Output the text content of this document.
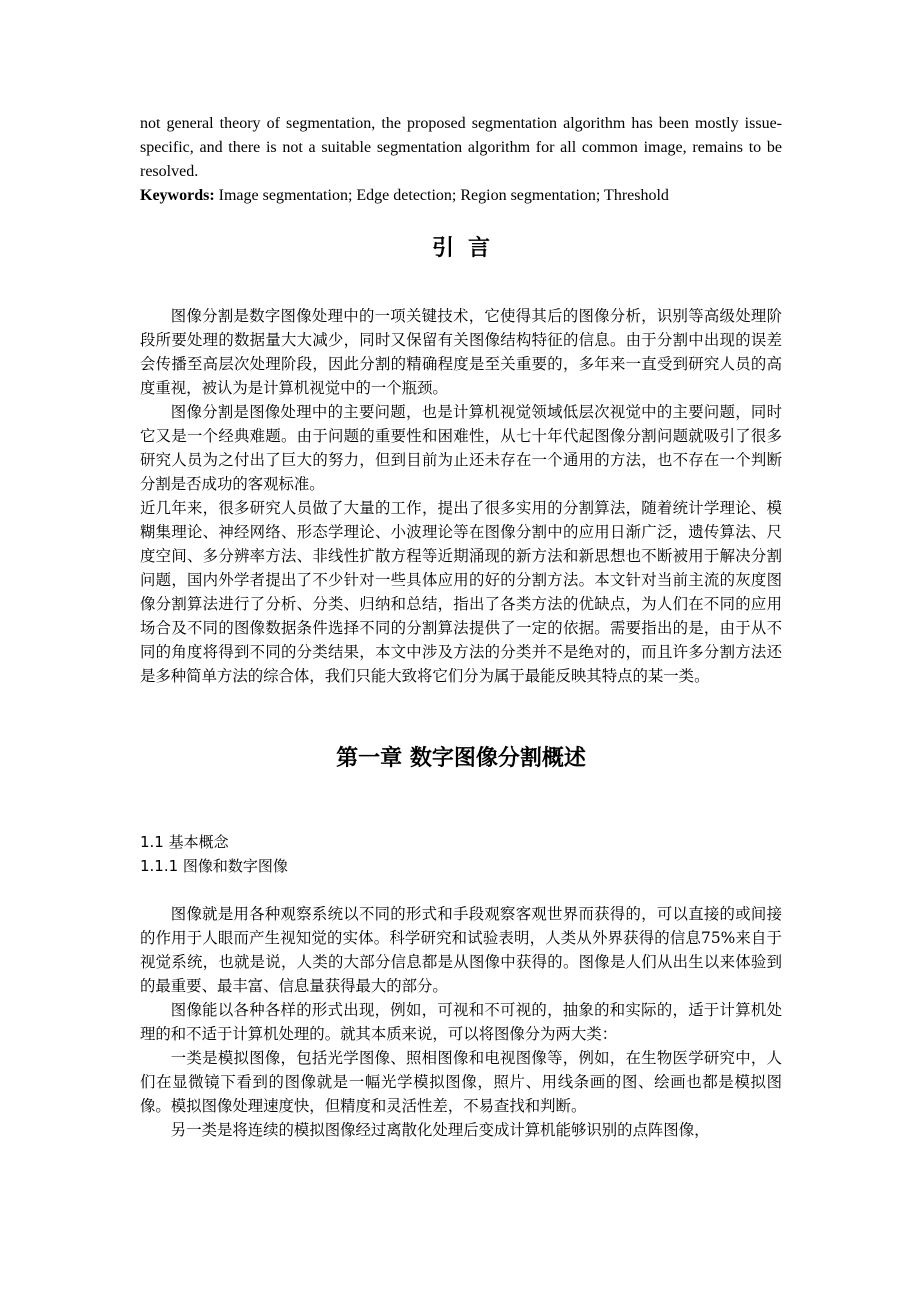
not general theory of segmentation, the proposed segmentation algorithm has been mostly issue-specific, and there is not a suitable segmentation algorithm for all common image, remains to be resolved.

Keywords: Image segmentation; Edge detection; Region segmentation; Threshold

引言

图像分割是数字图像处理中的一项关键技术，它使得其后的图像分析，识别等高级处理阶段所要处理的数据量大大减少，同时又保留有关图像结构特征的信息。由于分割中出现的误差会传播至高层次处理阶段，因此分割的精确程度是至关重要的，多年来一直受到研究人员的高度重视，被认为是计算机视觉中的一个瓶颈。

图像分割是图像处理中的主要问题，也是计算机视觉领域低层次视觉中的主要问题，同时它又是一个经典难题。由于问题的重要性和困难性，从七十年代起图像分割问题就吸引了很多研究人员为之付出了巨大的努力，但到目前为止还未存在一个通用的方法，也不存在一个判断分割是否成功的客观标准。

近几年来，很多研究人员做了大量的工作，提出了很多实用的分割算法，随着统计学理论、模糊集理论、神经网络、形态学理论、小波理论等在图像分割中的应用日渐广泛，遗传算法、尺度空间、多分辨率方法、非线性扩散方程等近期涌现的新方法和新思想也不断被用于解决分割问题，国内外学者提出了不少针对一些具体应用的好的分割方法。本文针对当前主流的灰度图像分割算法进行了分析、分类、归纳和总结，指出了各类方法的优缺点，为人们在不同的应用场合及不同的图像数据条件选择不同的分割算法提供了一定的依据。需要指出的是，由于从不同的角度将得到不同的分类结果，本文中涉及方法的分类并不是绝对的，而且许多分割方法还是多种简单方法的综合体，我们只能大致将它们分为属于最能反映其特点的某一类。

第一章 数字图像分割概述

1.1 基本概念

1.1.1 图像和数字图像

图像就是用各种观察系统以不同的形式和手段观察客观世界而获得的，可以直接的或间接的作用于人眼而产生视知觉的实体。科学研究和试验表明，人类从外界获得的信息75%来自于视觉系统，也就是说，人类的大部分信息都是从图像中获得的。图像是人们从出生以来体验到的最重要、最丰富、信息量获得最大的部分。

图像能以各种各样的形式出现，例如，可视和不可视的，抽象的和实际的，适于计算机处理的和不适于计算机处理的。就其本质来说，可以将图像分为两大类：

一类是模拟图像，包括光学图像、照相图像和电视图像等，例如，在生物医学研究中，人们在显微镜下看到的图像就是一幅光学模拟图像，照片、用线条画的图、绘画也都是模拟图像。模拟图像处理速度快，但精度和灵活性差，不易查找和判断。

另一类是将连续的模拟图像经过离散化处理后变成计算机能够识别的点阵图像，
